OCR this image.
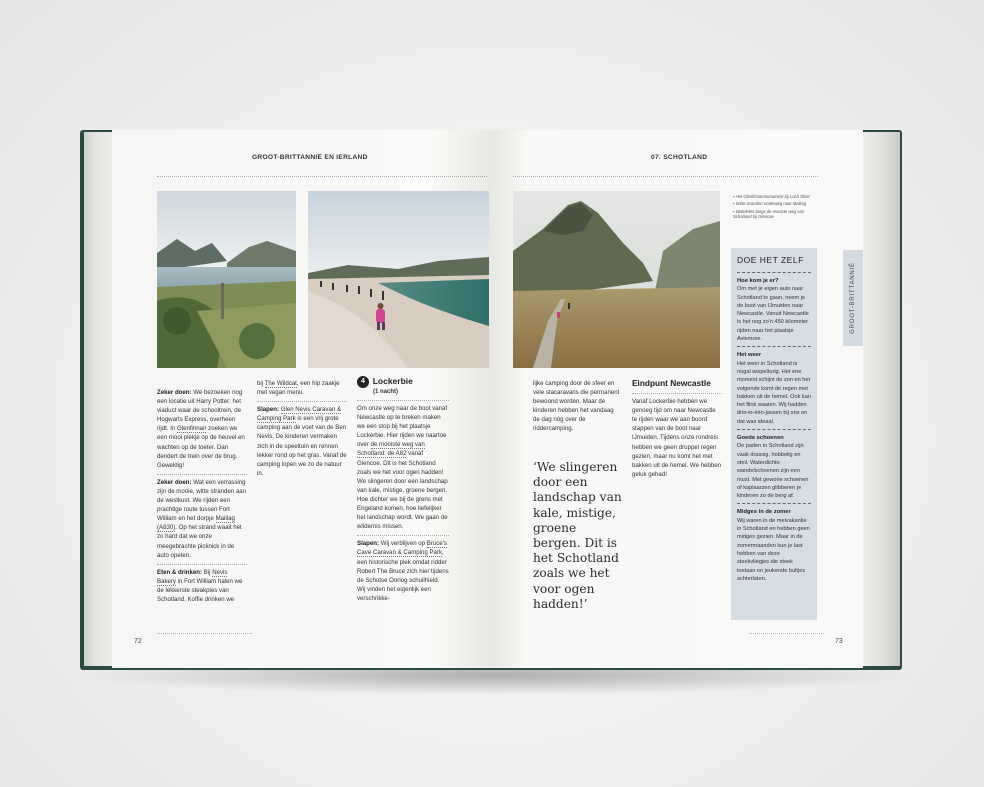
GROOT-BRITTANNIË EN IERLAND
Zeker doen: We bezoeken nog een locatie uit Harry Potter: het viaduct waar de schooltrein, de Hogwarts Express, overheen rijdt. In Glenfinnan zoeken we een mooi plekje op de heuvel en wachten op de toeter. Dan dendert de trein over de brug. Geweldig!
Zeker doen: Wat een verrassing zijn de mooie, witte stranden aan de westkust. We rijden een prachtige route tussen Fort William en het dorpje Maillag (A830). Op het strand waait het zo hard dat we onze meegebrachte picknick in de auto opeten.
Eten & drinken: Bij Nevis Bakery in Fort William halen we de lekkerste steakpies van Schotland. Koffie drinken we
bij The Wildcat, een hip zaakje met vegan menu.
Slapen: Glen Nevis Caravan & Camping Park is een vrij grote camping aan de voet van de Ben Nevis. De kinderen vermaken zich in de speeltuin en rennen lekker rond op het gras. Vanaf de camping lopen we zo de natuur in.
4 Lockerbie
(1 nacht)
Om onze weg naar de boot vanaf Newcastle op te breken maken we een stop bij het plaatsje Lockerbie. Hier rijden we naartoe over de mooiste weg van Schotland: de A82 vanaf Glencoe. Dit is het Schotland zoals we het voor ogen hadden! We slingeren door een landschap van kale, mistige, groene bergen. Hoe dichter we bij de grens met Engeland komen, hoe liefelijker het landschap wordt. We gaan de wildernis missen.
Slapen: Wij verblijven op Bruce's Cave Caravan & Camping Park, een historische plek omdat ridder Robert The Bruce zich hier tijdens de Schotse Oorlog schuilhield. Wij vinden het eigenlijk een verschrikke-
72
07. SCHOTLAND
▪ Het Glenfinnanmonument bij Loch Shiel
▪ Witte stranden onderweg naar Mallaig
▪ Wandelen langs de mooiste weg van Schotland bij Glencoe
lijke camping door de sfeer en vele stacaravans die permanent bewoond worden. Maar de kinderen hebben het vandaag de dag nóg over de riddercamping.
‘We slingeren door een landschap van kale, mistige, groene bergen. Dit is het Schotland zoals we het voor ogen hadden!’
Eindpunt Newcastle
Vanaf Lockerbie hebben we genoeg tijd om naar Newcastle te rijden waar we aan boord stappen van de boot naar IJmuiden. Tijdens onze rondreis hebben we geen druppel regen gezien, maar nu komt het met bakken uit de hemel. We hebben geluk gehad!
DOE HET ZELF
Hoe kom je er?
Om met je eigen auto naar Schotland te gaan, neem je de boot van IJmuiden naar Newcastle. Vanuit Newcastle is het nog zo'n 450 kilometer rijden naar het plaatsje Aviemore.
Het weer
Het weer in Schotland is nogal wispelturig. Het ene moment schijnt de zon en het volgende komt de regen met bakken uit de hemel. Ook kan het flink waaien. Wij hadden drie-in-één-jassen bij ons en dat was ideaal.
Goede schoenen
De paden in Schotland zijn vaak drassig, hobbelig en steil. Waterdichte wandelschoenen zijn een must. Met gewone schoenen of kaplaarzen glibberen je kinderen zo de berg af.
Midges in de zomer
Wij waren in de meivakantie in Schotland en hebben geen midges gezien. Maar in de zomermaanden kun je last hebben van deze steekvliegjes die steek toelaan en jeukende bultjes achterlaten.
GROOT-BRITTANNIË
73
